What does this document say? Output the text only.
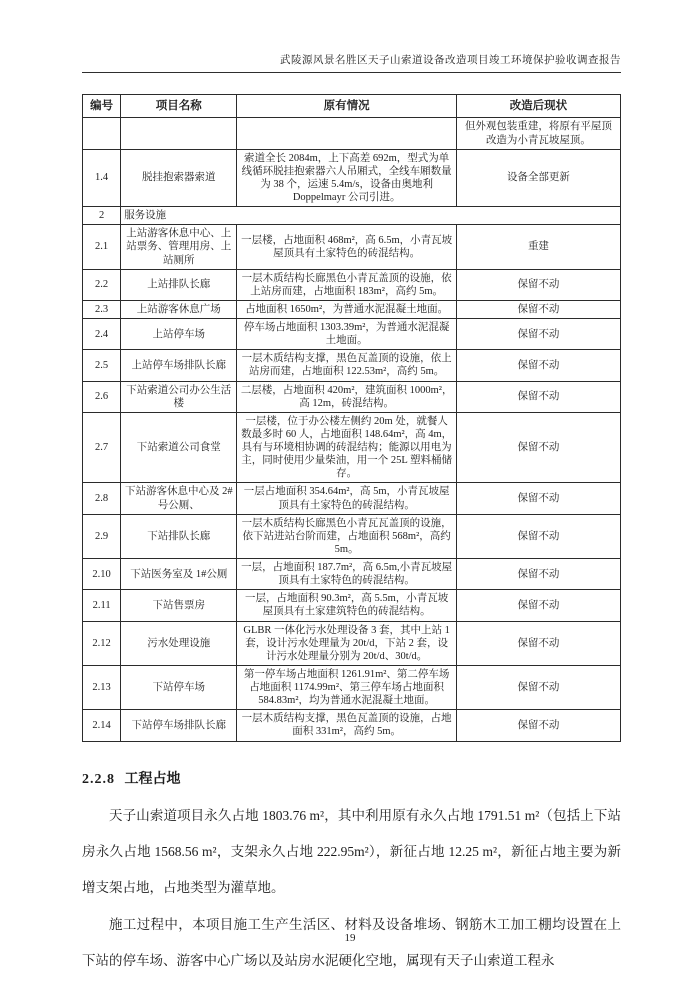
武陵源风景名胜区天子山索道设备改造项目竣工环境保护验收调查报告
编号	项目名称	原有情况	改造后现状
			但外观包装重建，将原有平屋顶改造为小青瓦坡屋顶。
1.4	脱挂抱索器索道	索道全长 2084m，上下高差 692m，型式为单线循环脱挂抱索器六人吊厢式，全线车厢数量为 38 个，运速 5.4m/s，设备由奥地利 Doppelmayr 公司引进。	设备全部更新
2	服务设施		
2.1	上站游客休息中心、上站票务、管理用房、上站厕所	一层楼，占地面积 468m²，高 6.5m，小青瓦坡屋顶具有土家特色的砖混结构。	重建
2.2	上站排队长廊	一层木质结构长廊黑色小青瓦盖顶的设施，依上站房而建，占地面积 183m²，高约 5m。	保留不动
2.3	上站游客休息广场	占地面积 1650m²，为普通水泥混凝土地面。	保留不动
2.4	上站停车场	停车场占地面积 1303.39m²，为普通水泥混凝土地面。	保留不动
2.5	上站停车场排队长廊	一层木质结构支撑，黑色瓦盖顶的设施，依上站房而建，占地面积 122.53m²，高约 5m。	保留不动
2.6	下站索道公司办公生活楼	二层楼，占地面积 420m²，建筑面积 1000m²，高 12m，砖混结构。	保留不动
2.7	下站索道公司食堂	一层楼，位于办公楼左侧约 20m 处，就餐人数最多时 60 人，占地面积 148.64m²，高 4m，具有与环境相协调的砖混结构；能源以用电为主，同时使用少量柴油，用一个 25L 塑料桶储存。	保留不动
2.8	下站游客休息中心及 2#号公厕、	一层占地面积 354.64m²，高 5m，小青瓦坡屋顶具有土家特色的砖混结构。	保留不动
2.9	下站排队长廊	一层木质结构长廊黑色小青瓦瓦盖顶的设施，依下站进站台阶而建，占地面积 568m²，高约 5m。	保留不动
2.10	下站医务室及 1#公厕	一层，占地面积 187.7m²，高 6.5m,小青瓦坡屋顶具有土家特色的砖混结构。	保留不动
2.11	下站售票房	一层，占地面积 90.3m²，高 5.5m，小青瓦坡屋顶具有土家建筑特色的砖混结构。	保留不动
2.12	污水处理设施	GLBR 一体化污水处理设备 3 套，其中上站 1 套，设计污水处理量为 20t/d，下站 2 套，设计污水处理量分别为 20t/d、30t/d。	保留不动
2.13	下站停车场	第一停车场占地面积 1261.91m²、第二停车场占地面积 1174.99m²、第三停车场占地面积 584.83m²，均为普通水泥混凝土地面。	保留不动
2.14	下站停车场排队长廊	一层木质结构支撑，黑色瓦盖顶的设施，占地面积 331m²，高约 5m。	保留不动
2.2.8 工程占地

天子山索道项目永久占地 1803.76 m²，其中利用原有永久占地 1791.51 m²（包括上下站房永久占地 1568.56 m²，支架永久占地 222.95m²），新征占地 12.25 m²，新征占地主要为新增支架占地，占地类型为灌草地。

施工过程中，本项目施工生产生活区、材料及设备堆场、钢筋木工加工棚均设置在上下站的停车场、游客中心广场以及站房水泥硬化空地，属现有天子山索道工程永

19
